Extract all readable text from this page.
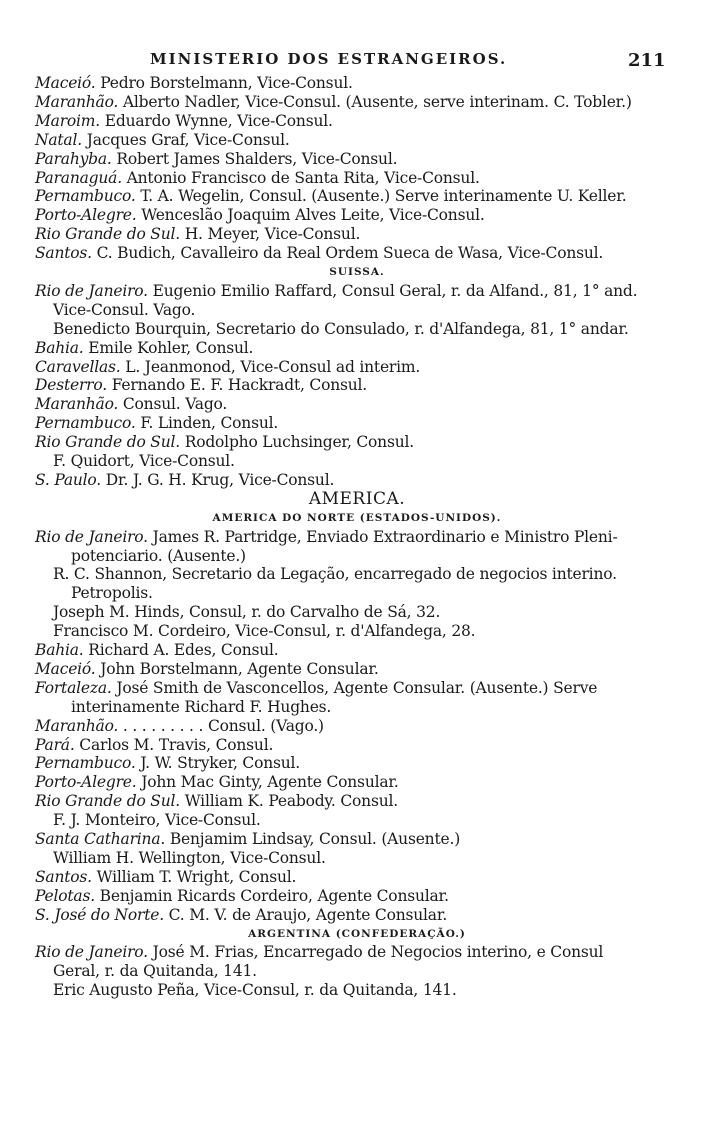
MINISTERIO DOS ESTRANGEIROS.	211
Maceió. Pedro Borstelmann, Vice-Consul.
Maranhão. Alberto Nadler, Vice-Consul. (Ausente, serve interinam. C. Tobler.)
Maroim. Eduardo Wynne, Vice-Consul.
Natal. Jacques Graf, Vice-Consul.
Parahyba. Robert James Shalders, Vice-Consul.
Paranaguá. Antonio Francisco de Santa Rita, Vice-Consul.
Pernambuco. T. A. Wegelin, Consul. (Ausente.) Serve interinamente U. Keller.
Porto-Alegre. Wenceslão Joaquim Alves Leite, Vice-Consul.
Rio Grande do Sul. H. Meyer, Vice-Consul.
Santos. C. Budich, Cavalleiro da Real Ordem Sueca de Wasa, Vice-Consul.
SUISSA.
Rio de Janeiro. Eugenio Emilio Raffard, Consul Geral, r. da Alfand., 81, 1° and.
Vice-Consul. Vago.
Benedicto Bourquin, Secretario do Consulado, r. d'Alfandega, 81, 1° andar.
Bahia. Emile Kohler, Consul.
Caravellas. L. Jeanmonod, Vice-Consul ad interim.
Desterro. Fernando E. F. Hackradt, Consul.
Maranhão. Consul. Vago.
Pernambuco. F. Linden, Consul.
Rio Grande do Sul. Rodolpho Luchsinger, Consul.
F. Quidort, Vice-Consul.
S. Paulo. Dr. J. G. H. Krug, Vice-Consul.
AMERICA.
AMERICA DO NORTE (ESTADOS-UNIDOS).
Rio de Janeiro. James R. Partridge, Enviado Extraordinario e Ministro Pleni-
potenciario. (Ausente.)
R. C. Shannon, Secretario da Legação, encarregado de negocios interino.
Petropolis.
Joseph M. Hinds, Consul, r. do Carvalho de Sá, 32.
Francisco M. Cordeiro, Vice-Consul, r. d'Alfandega, 28.
Bahia. Richard A. Edes, Consul.
Maceió. John Borstelmann, Agente Consular.
Fortaleza. José Smith de Vasconcellos, Agente Consular. (Ausente.) Serve
interinamente Richard F. Hughes.
Maranhão. . . . . . . . . . Consul. (Vago.)
Pará. Carlos M. Travis, Consul.
Pernambuco. J. W. Stryker, Consul.
Porto-Alegre. John Mac Ginty, Agente Consular.
Rio Grande do Sul. William K. Peabody. Consul.
F. J. Monteiro, Vice-Consul.
Santa Catharina. Benjamim Lindsay, Consul. (Ausente.)
William H. Wellington, Vice-Consul.
Santos. William T. Wright, Consul.
Pelotas. Benjamin Ricards Cordeiro, Agente Consular.
S. José do Norte. C. M. V. de Araujo, Agente Consular.
ARGENTINA (CONFEDERAÇÃO.)
Rio de Janeiro. José M. Frias, Encarregado de Negocios interino, e Consul
Geral, r. da Quitanda, 141.
Eric Augusto Peña, Vice-Consul, r. da Quitanda, 141.
